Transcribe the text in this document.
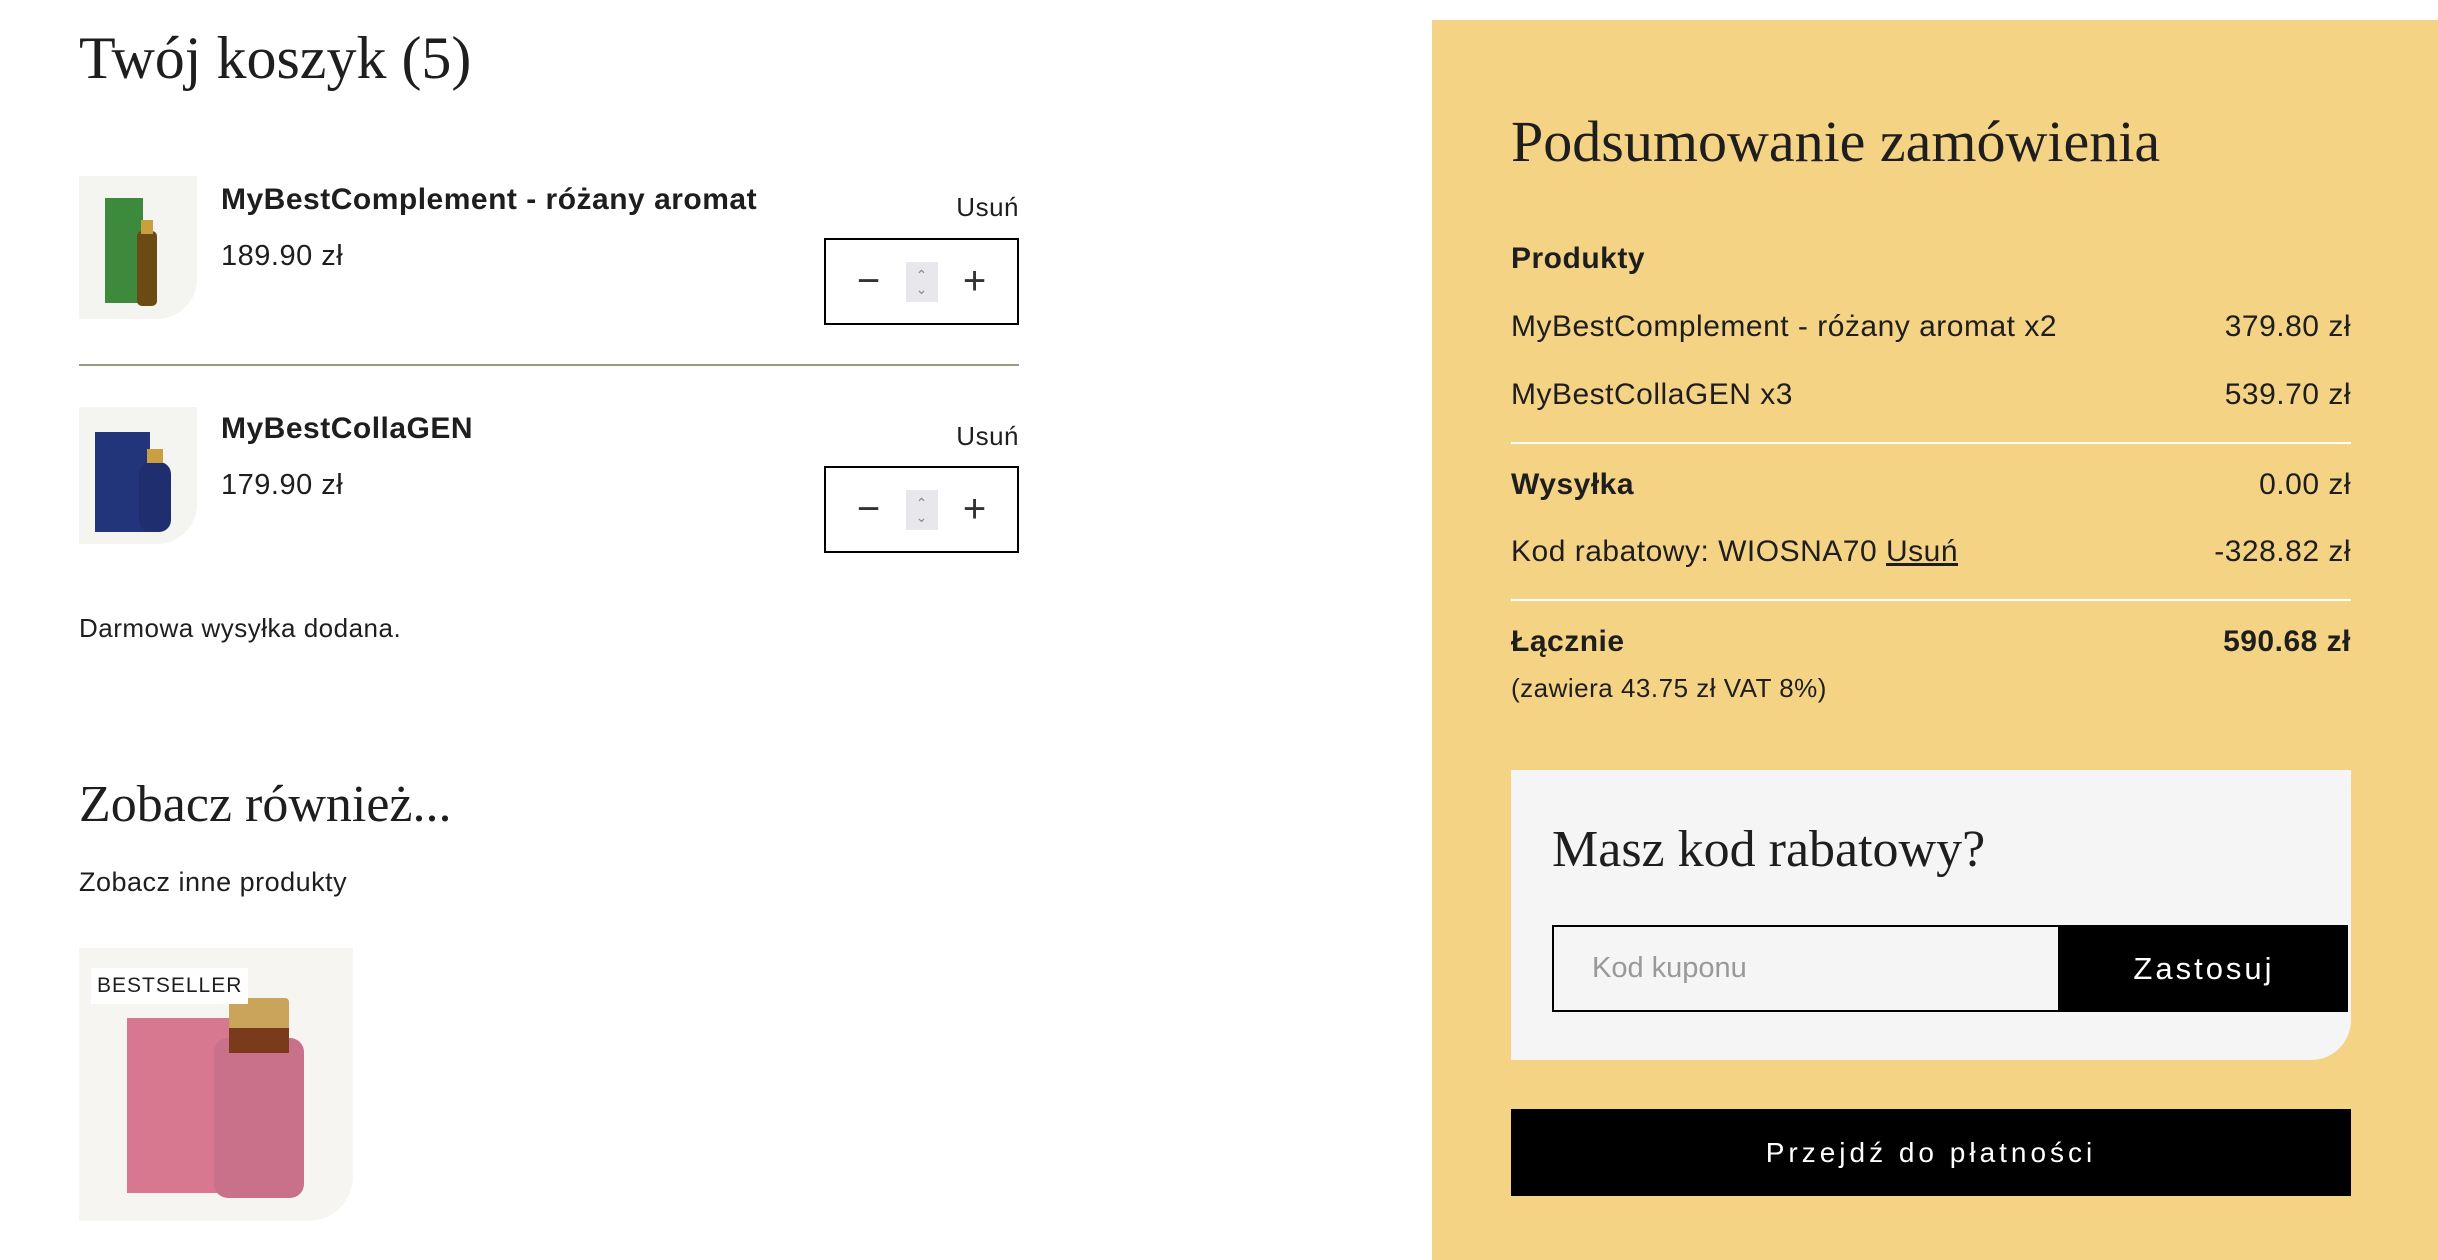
Twój koszyk (5)
MyBestComplement - różany aromat
189.90 zł
Usuń
−	⌃
⌄ +
MyBestCollaGEN
179.90 zł
Usuń
−	⌃
⌄ +
Darmowa wysyłka dodana.
Zobacz również...
Zobacz inne produkty
BESTSELLER
Podsumowanie zamówienia
Produkty
MyBestComplement - różany aromat x2	379.80 zł
MyBestCollaGEN x3	539.70 zł
Wysyłka	0.00 zł
Kod rabatowy: WIOSNA70 Usuń	-328.82 zł
Łącznie	590.68 zł
(zawiera 43.75 zł VAT 8%)
Masz kod rabatowy?
Kod kuponu
Zastosuj
Przejdź do płatności
